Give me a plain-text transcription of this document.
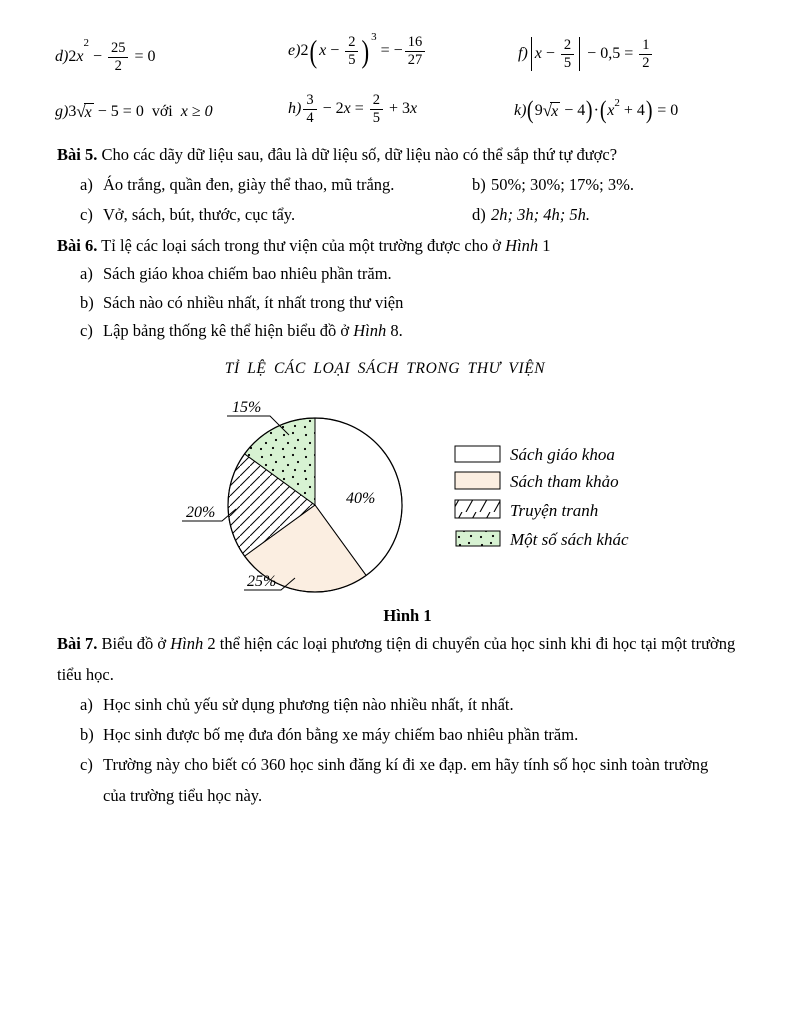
d) 2 x
2
− $\frac{25}{2} = 0$	e) 2 ( $x - \frac{2}{5}$ ) 3
= − $\frac{16}{27}$	f) $x - \frac{2}{5} - 0,5 = \frac{1}{2}$
g) 3 √ x − 5 = 0 với x ≥ 0	h)
3
4
− 2 $x = \frac{2}{5} + 3$ x	k) ( 9 √ x − 4 ) · ( x 2 + 4 ) = 0
Bài 5. Cho các dãy dữ liệu sau, đâu là dữ liệu số, dữ liệu nào có thể sắp thứ tự được?
a) Áo trắng, quần đen, giày thể thao, mũ trắng.	b) 50%; 30%; 17%; 3%.
c) Vở, sách, bút, thước, cục tẩy.	d) 2h; 3h; 4h; 5h.
Bài 6. Tỉ lệ các loại sách trong thư viện của một trường được cho ở Hình 1
a) Sách giáo khoa chiếm bao nhiêu phần trăm.
b) Sách nào có nhiều nhất, ít nhất trong thư viện
c) Lập bảng thống kê thể hiện biểu đồ ở Hình 8.
TỈ LỆ CÁC LOẠI SÁCH TRONG THƯ VIỆN
40%
15%
20%
25%
Sách giáo khoa
Sách tham khảo
Truyện tranh
Một số sách khác
Hình 1
Bài 7. Biểu đồ ở Hình 2 thể hiện các loại phương tiện di chuyển của học sinh khi đi học tại một trường
tiểu học.
a) Học sinh chủ yếu sử dụng phương tiện nào nhiều nhất, ít nhất.
b) Học sinh được bố mẹ đưa đón bằng xe máy chiếm bao nhiêu phần trăm.
c) Trường này cho biết có 360 học sinh đăng kí đi xe đạp. em hãy tính số học sinh toàn trường
của trường tiểu học này.
